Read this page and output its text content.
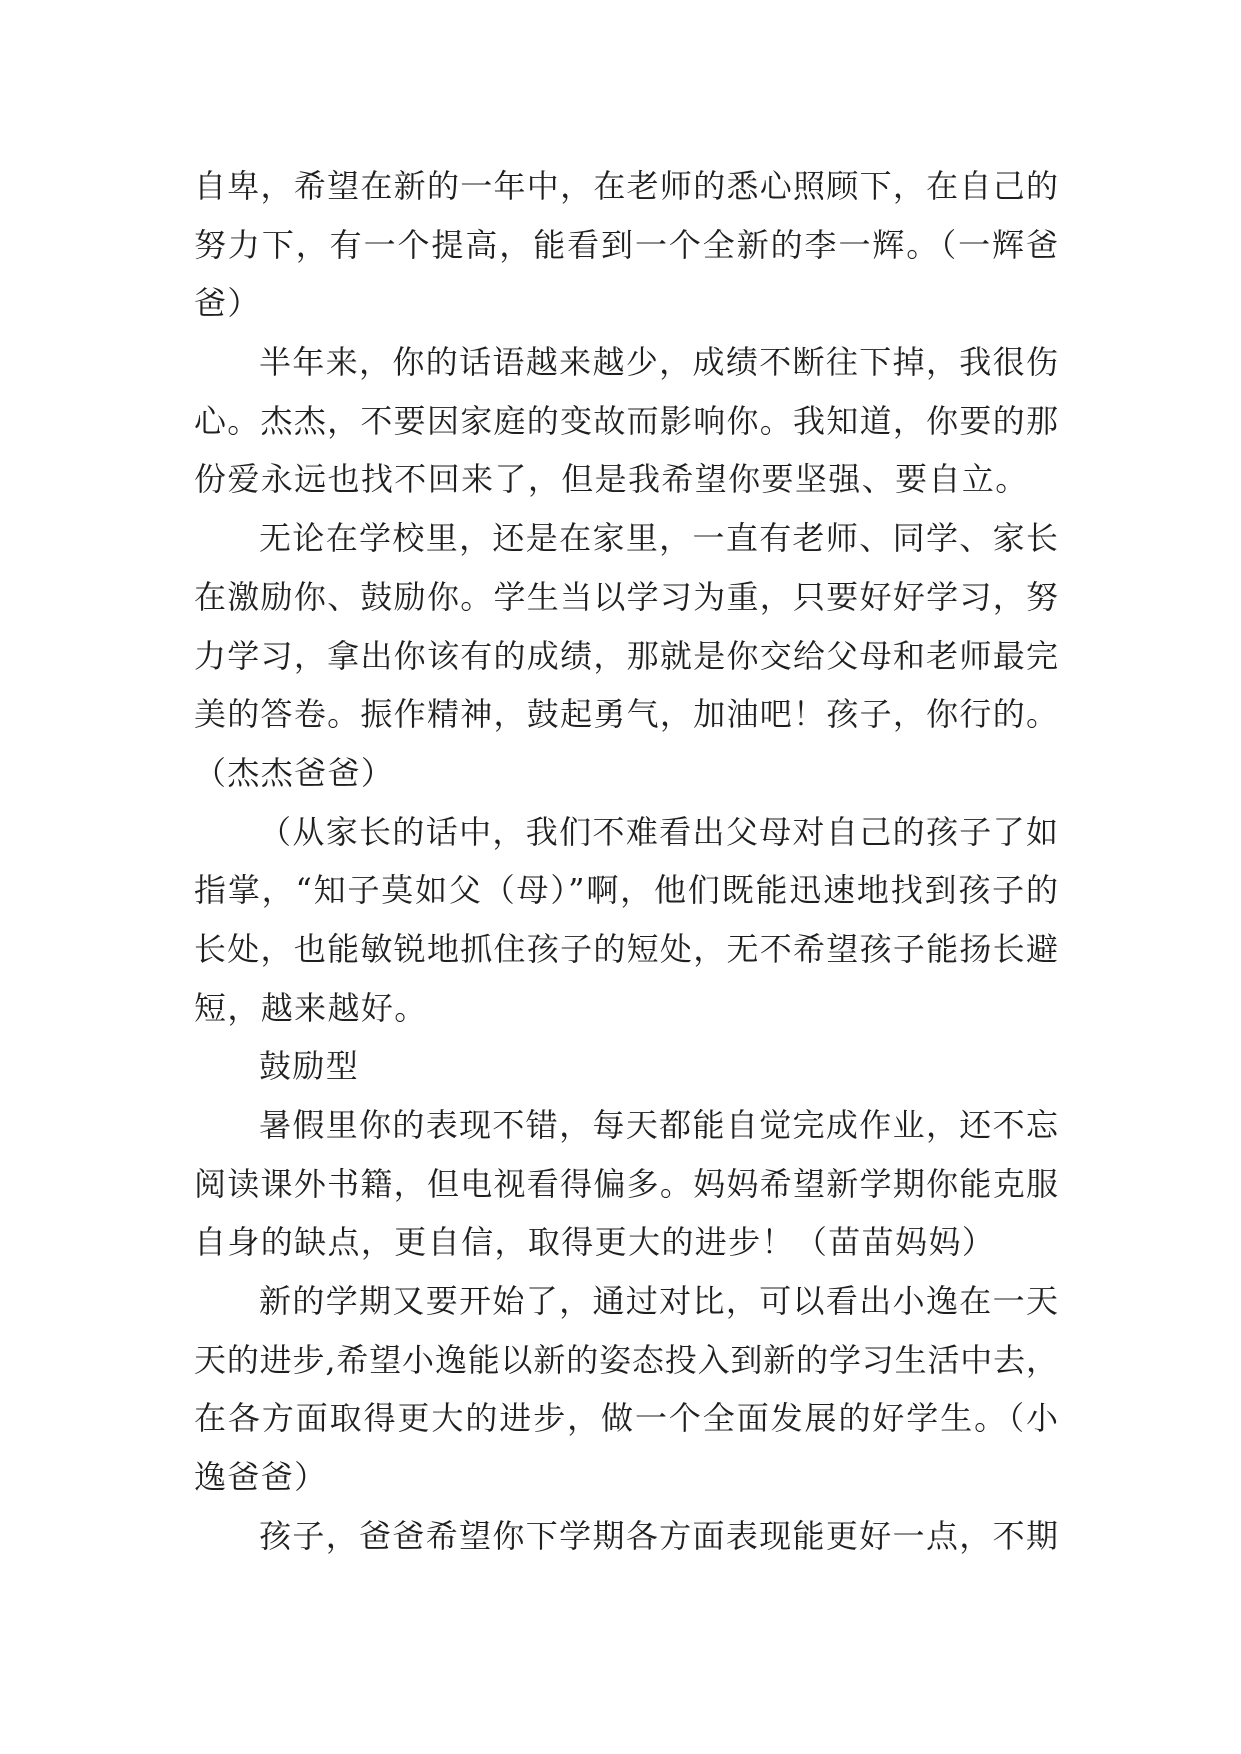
自卑，希望在新的一年中，在老师的悉心照顾下，在自己的
努力下，有一个提高，能看到一个全新的李一辉。（一辉爸
爸）
半年来，你的话语越来越少，成绩不断往下掉，我很伤
心。杰杰，不要因家庭的变故而影响你。我知道，你要的那
份爱永远也找不回来了，但是我希望你要坚强、要自立。
无论在学校里，还是在家里，一直有老师、同学、家长
在激励你、鼓励你。学生当以学习为重，只要好好学习，努
力学习，拿出你该有的成绩，那就是你交给父母和老师最完
美的答卷。振作精神，鼓起勇气，加油吧！孩子，你行的。
（杰杰爸爸）
（从家长的话中，我们不难看出父母对自己的孩子了如
指掌，“知子莫如父（母）”啊，他们既能迅速地找到孩子的
长处，也能敏锐地抓住孩子的短处，无不希望孩子能扬长避
短，越来越好。
鼓励型
暑假里你的表现不错，每天都能自觉完成作业，还不忘
阅读课外书籍，但电视看得偏多。妈妈希望新学期你能克服
自身的缺点，更自信，取得更大的进步！（苗苗妈妈）
新的学期又要开始了，通过对比，可以看出小逸在一天
天的进步,希望小逸能以新的姿态投入到新的学习生活中去，
在各方面取得更大的进步，做一个全面发展的好学生。（小
逸爸爸）
孩子，爸爸希望你下学期各方面表现能更好一点，不期
